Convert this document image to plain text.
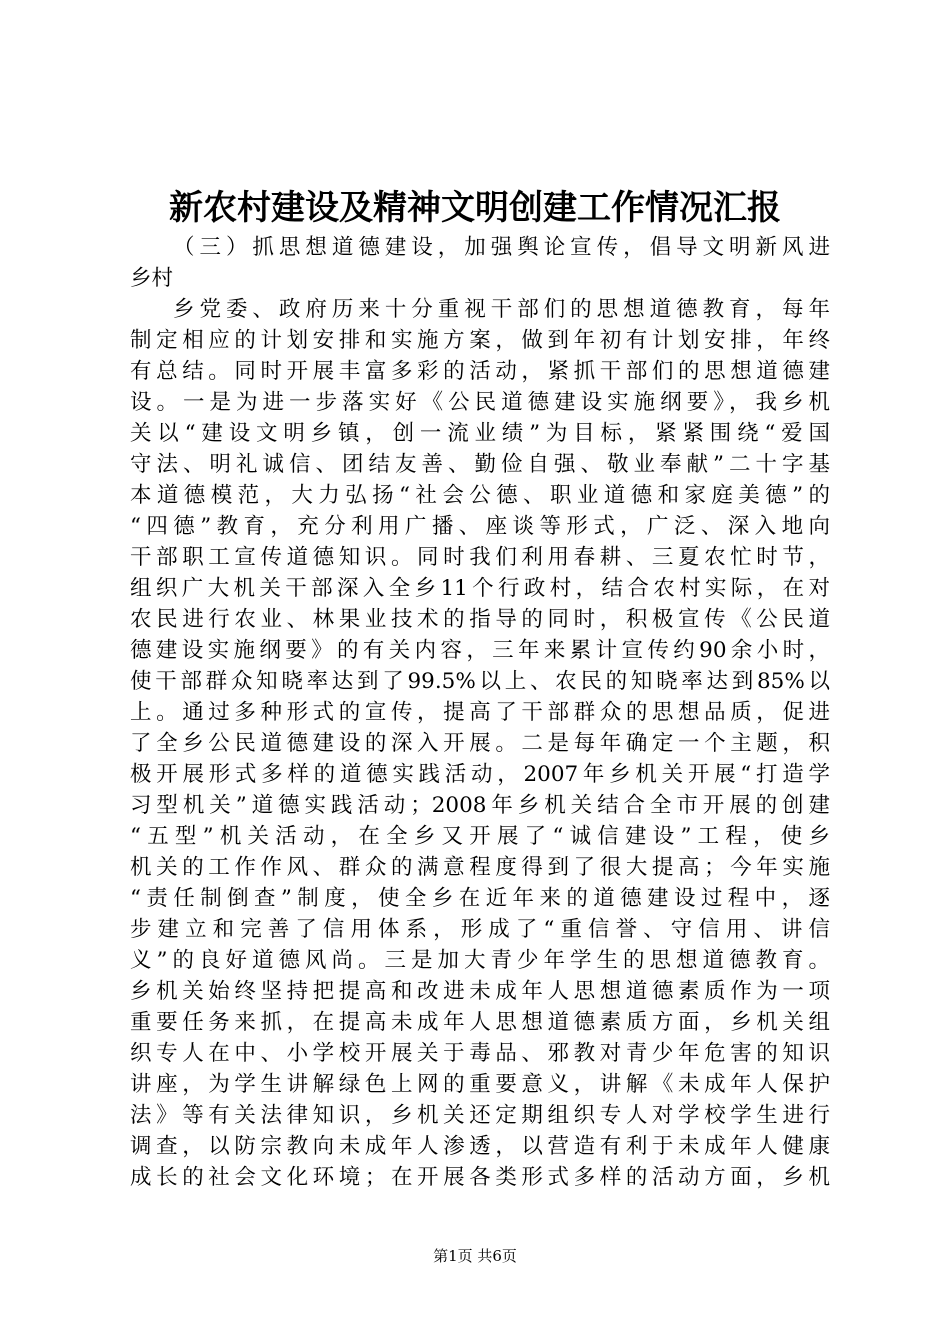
新农村建设及精神文明创建工作情况汇报
（三）抓思想道德建设，加强舆论宣传，倡导文明新风进
乡村
乡党委、政府历来十分重视干部们的思想道德教育，每年
制定相应的计划安排和实施方案，做到年初有计划安排，年终
有总结。同时开展丰富多彩的活动，紧抓干部们的思想道德建
设。一是为进一步落实好《公民道德建设实施纲要》，我乡机
关以“建设文明乡镇，创一流业绩”为目标，紧紧围绕“爱国
守法、明礼诚信、团结友善、勤俭自强、敬业奉献”二十字基
本道德模范，大力弘扬“社会公德、职业道德和家庭美德”的
“四德”教育，充分利用广播、座谈等形式，广泛、深入地向
干部职工宣传道德知识。同时我们利用春耕、三夏农忙时节，
组织广大机关干部深入全乡11个行政村，结合农村实际，在对
农民进行农业、林果业技术的指导的同时，积极宣传《公民道
德建设实施纲要》的有关内容，三年来累计宣传约90余小时，
使干部群众知晓率达到了99.5%以上、农民的知晓率达到85%以
上。通过多种形式的宣传，提高了干部群众的思想品质，促进
了全乡公民道德建设的深入开展。二是每年确定一个主题，积
极开展形式多样的道德实践活动，2007年乡机关开展“打造学
习型机关”道德实践活动；2008年乡机关结合全市开展的创建
“五型”机关活动，在全乡又开展了“诚信建设”工程，使乡
机关的工作作风、群众的满意程度得到了很大提高；今年实施
“责任制倒查”制度，使全乡在近年来的道德建设过程中，逐
步建立和完善了信用体系，形成了“重信誉、守信用、讲信
义”的良好道德风尚。三是加大青少年学生的思想道德教育。
乡机关始终坚持把提高和改进未成年人思想道德素质作为一项
重要任务来抓，在提高未成年人思想道德素质方面，乡机关组
织专人在中、小学校开展关于毒品、邪教对青少年危害的知识
讲座，为学生讲解绿色上网的重要意义，讲解《未成年人保护
法》等有关法律知识，乡机关还定期组织专人对学校学生进行
调查，以防宗教向未成年人渗透，以营造有利于未成年人健康
成长的社会文化环境；在开展各类形式多样的活动方面，乡机
第1页 共6页
